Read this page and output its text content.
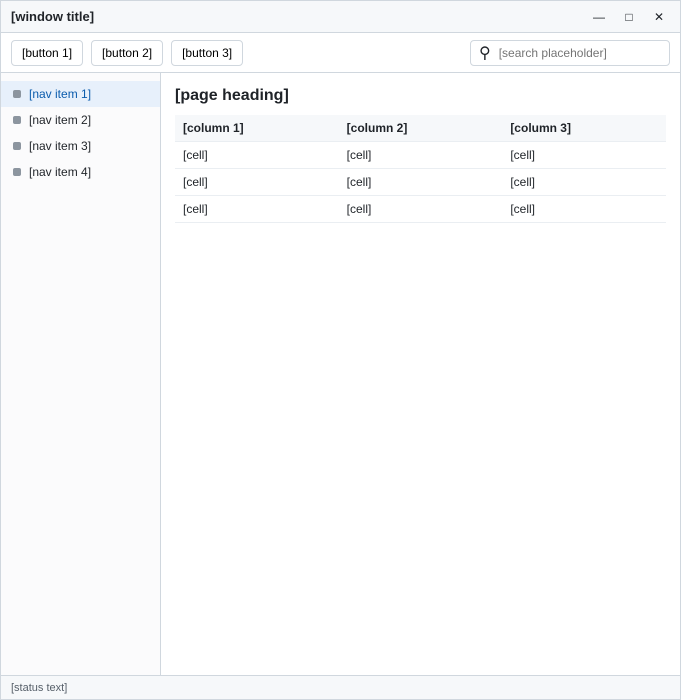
[window title]	—	□	✕
[button 1]	[button 2]	[button 3]	⚲
[search placeholder]
[nav item 1]
[nav item 2]
[nav item 3]
[nav item 4]
[page heading]
[column 1]	[column 2]	[column 3]
[cell]	[cell]	[cell]
[cell]	[cell]	[cell]
[cell]	[cell]	[cell]
[status text]
